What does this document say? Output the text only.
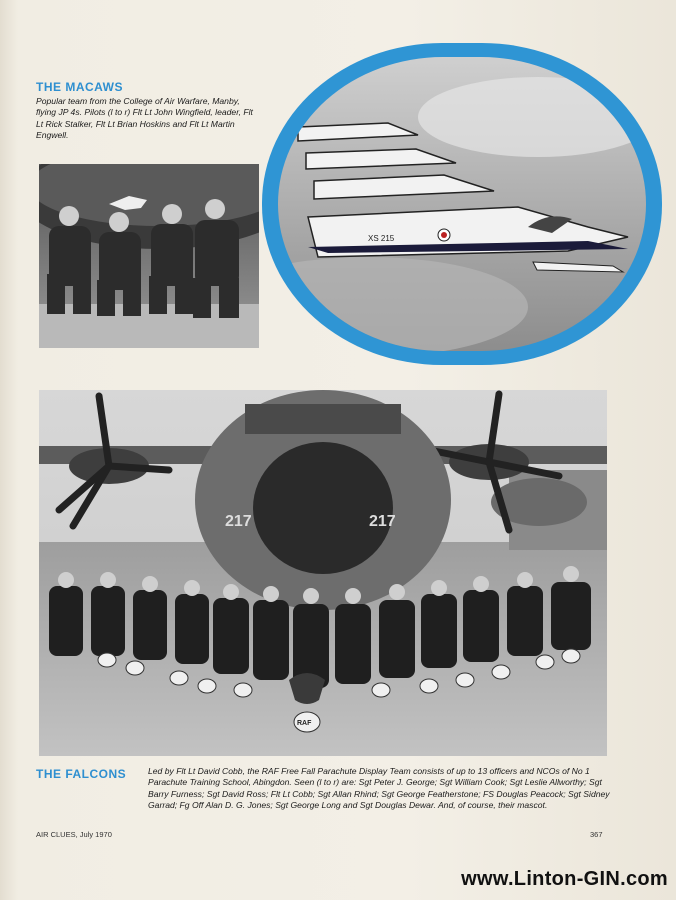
THE MACAWS
Popular team from the College of Air Warfare, Manby, flying JP 4s. Pilots (l to r) Flt Lt John Wingfield, leader, Flt Lt Rick Stalker, Flt Lt Brian Hoskins and Flt Lt Martin Engwell.
XS 215
217	217
RAF
THE FALCONS	Led by Flt Lt David Cobb, the RAF Free Fall Parachute Display Team consists of up to 13 officers and NCOs of No 1 Parachute Training School, Abingdon. Seen (l to r) are: Sgt Peter J. George; Sgt William Cook; Sgt Leslie Allworthy; Sgt Barry Furness; Sgt David Ross; Flt Lt Cobb; Sgt Allan Rhind; Sgt George Featherstone; FS Douglas Peacock; Sgt Sidney Garrad; Fg Off Alan D. G. Jones; Sgt George Long and Sgt Douglas Dewar. And, of course, their mascot.
AIR CLUES, July 1970	367
www.Linton-GIN.com
